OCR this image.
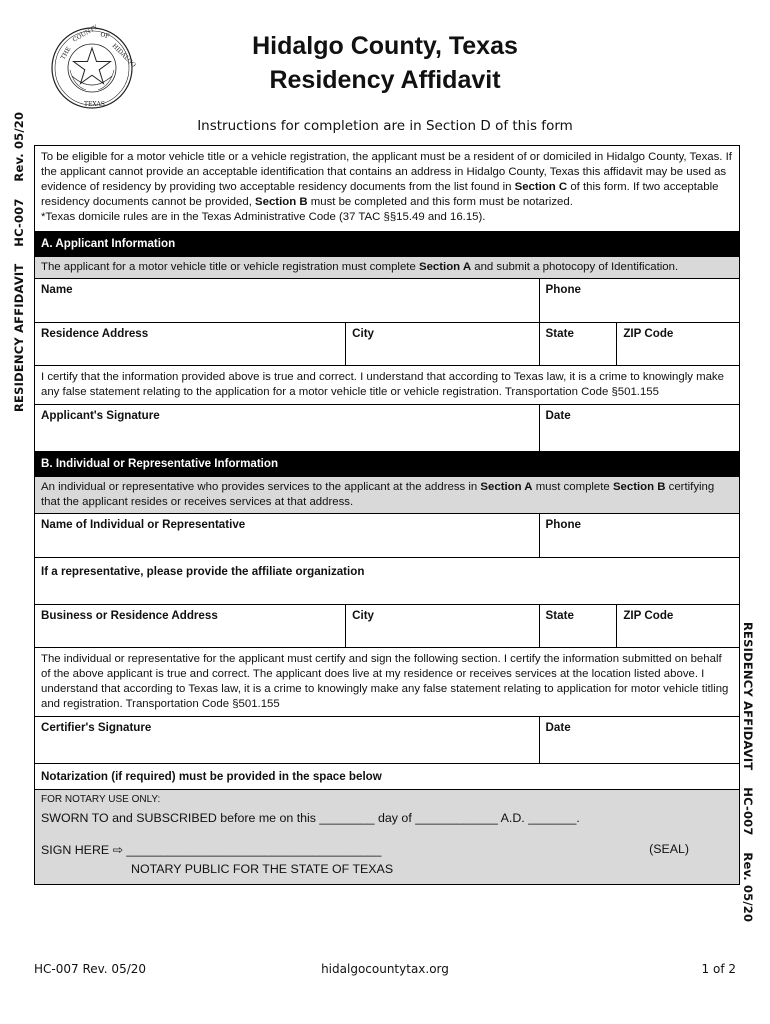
THE
COUNTY OF
HIDALGO
TEXAS
Hidalgo County, Texas
Residency Affidavit
Instructions for completion are in Section D of this form
RESIDENCY AFFIDAVIT    HC-007    Rev. 05/20
RESIDENCY AFFIDAVIT    HC-007    Rev. 05/20
To be eligible for a motor vehicle title or a vehicle registration, the applicant must be a resident of or domiciled in Hidalgo County, Texas. If the applicant cannot provide an acceptable identification that contains an address in Hidalgo County, Texas this affidavit may be used as evidence of residency by providing two acceptable residency documents from the list found in Section C of this form. If two acceptable residency documents cannot be provided, Section B must be completed and this form must be notarized.
*Texas domicile rules are in the Texas Administrative Code (37 TAC §§15.49 and 16.15).
A. Applicant Information
The applicant for a motor vehicle title or vehicle registration must complete Section A and submit a photocopy of Identification.
Name	Phone
Residence Address	City	State	ZIP Code
I certify that the information provided above is true and correct. I understand that according to Texas law, it is a crime to knowingly make any false statement relating to the application for a motor vehicle title or vehicle registration. Transportation Code §501.155
Applicant's Signature	Date
B. Individual or Representative Information
An individual or representative who provides services to the applicant at the address in Section A must complete Section B certifying that the applicant resides or receives services at that address.
Name of Individual or Representative	Phone
If a representative, please provide the affiliate organization
Business or Residence Address	City	State	ZIP Code
The individual or representative for the applicant must certify and sign the following section. I certify the information submitted on behalf of the above applicant is true and correct. The applicant does live at my residence or receives services at the location listed above. I understand that according to Texas law, it is a crime to knowingly make any false statement relating to application for motor vehicle titling and registration. Transportation Code §501.155
Certifier's Signature	Date
Notarization (if required) must be provided in the space below
FOR NOTARY USE ONLY:
SWORN TO and SUBSCRIBED before me on this ________ day of ____________ A.D. _______.
SIGN HERE ⇨ _____________________________________	(SEAL)
NOTARY PUBLIC FOR THE STATE OF TEXAS
HC-007 Rev. 05/20	hidalgocountytax.org	1 of 2
